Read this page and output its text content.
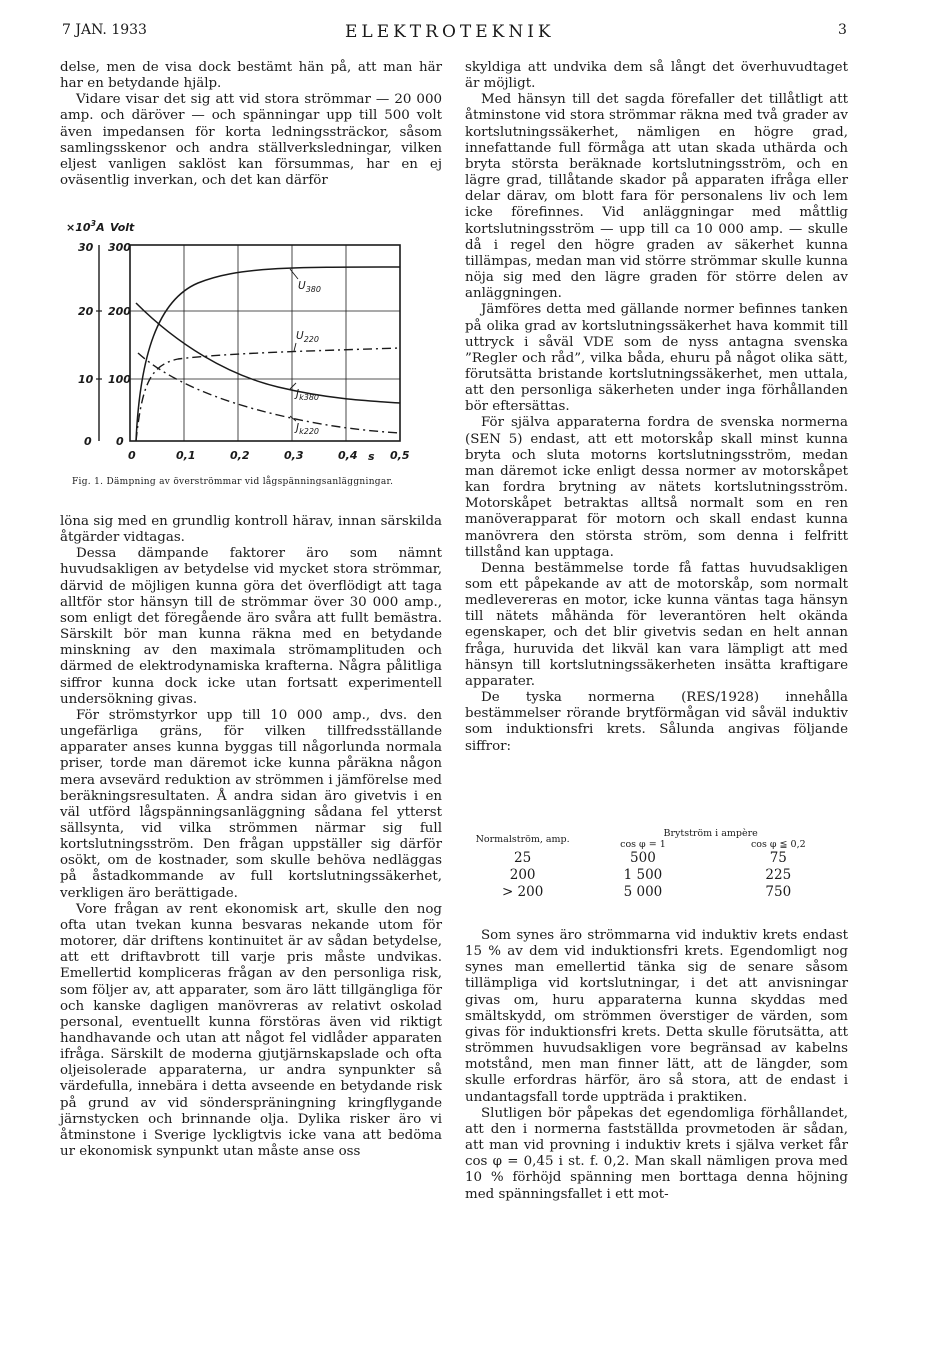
7 JAN. 1933	ELEKTROTEKNIK	3

delse, men de visa dock bestämt hän på, att man här har en betydande hjälp.

Vidare visar det sig att vid stora strömmar — 20 000 amp. och däröver — och spänningar upp till 500 volt även impedansen för korta ledningssträckor, såsom samlingsskenor och andra ställverksledningar, vilken eljest vanligen saklöst kan försummas, har en ej oväsentlig inverkan, och det kan därför

$\times 10^3A$ Volt
30
20
10
0
300
200
100
0
$U_{380}$
$U_{220}$
$J_{k380}$
$J_{k220}$
0	0,1	0,2	0,3	0,4 s 0,5
Fig. 1. Dämpning av överströmmar vid lågspänningsanläggningar.

löna sig med en grundlig kontroll härav, innan särskilda åtgärder vidtagas.

Dessa dämpande faktorer äro som nämnt huvudsakligen av betydelse vid mycket stora strömmar, därvid de möjligen kunna göra det överflödigt att taga alltför stor hänsyn till de strömmar över 30 000 amp., som enligt det föregående äro svåra att fullt bemästra. Särskilt bör man kunna räkna med en betydande minskning av den maximala strömamplituden och därmed de elektrodynamiska krafterna. Några pålitliga siffror kunna dock icke utan fortsatt experimentell undersökning givas.

För strömstyrkor upp till 10 000 amp., dvs. den ungefärliga gräns, för vilken tillfredsställande apparater anses kunna byggas till någorlunda normala priser, torde man däremot icke kunna påräkna någon mera avsevärd reduktion av strömmen i jämförelse med beräkningsresultaten. Å andra sidan äro givetvis i en väl utförd lågspänningsanläggning sådana fel ytterst sällsynta, vid vilka strömmen närmar sig full kortslutningsström. Den frågan uppställer sig därför osökt, om de kostnader, som skulle behöva nedläggas på åstadkommande av full kortslutningssäkerhet, verkligen äro berättigade.

Vore frågan av rent ekonomisk art, skulle den nog ofta utan tvekan kunna besvaras nekande utom för motorer, där driftens kontinuitet är av sådan betydelse, att ett driftavbrott till varje pris måste undvikas. Emellertid kompliceras frågan av den personliga risk, som följer av, att apparater, som äro lätt tillgängliga för och kanske dagligen manövreras av relativt oskolad personal, eventuellt kunna förstöras även vid riktigt handhavande och utan att något fel vidlåder apparaten ifråga. Särskilt de moderna gjutjärnskapslade och ofta oljeisolerade apparaterna, ur andra synpunkter så värdefulla, innebära i detta avseende en betydande risk på grund av vid sönderspräningning kringflygande järnstycken och brinnande olja. Dylika risker äro vi åtminstone i Sverige lyckligtvis icke vana att bedöma ur ekonomisk synpunkt utan måste anse oss

skyldiga att undvika dem så långt det överhuvudtaget är möjligt.

Med hänsyn till det sagda förefaller det tillåtligt att åtminstone vid stora strömmar räkna med två grader av kortslutningssäkerhet, nämligen en högre grad, innefattande full förmåga att utan skada uthärda och bryta största beräknade kortslutningsström, och en lägre grad, tillåtande skador på apparaten ifråga eller delar därav, om blott fara för personalens liv och lem icke förefinnes. Vid anläggningar med måttlig kortslutningsström — upp till ca 10 000 amp. — skulle då i regel den högre graden av säkerhet kunna tillämpas, medan man vid större strömmar skulle kunna nöja sig med den lägre graden för större delen av anläggningen.

Jämföres detta med gällande normer befinnes tanken på olika grad av kortslutningssäkerhet hava kommit till uttryck i såväl VDE som de nyss antagna svenska ”Regler och råd”, vilka båda, ehuru på något olika sätt, förutsätta bristande kortslutningssäkerhet, men uttala, att den personliga säkerheten under inga förhållanden bör eftersättas.

För själva apparaterna fordra de svenska normerna (SEN 5) endast, att ett motorskåp skall minst kunna bryta och sluta motorns kortslutningsström, medan man däremot icke enligt dessa normer av motorskåpet kan fordra brytning av nätets kortslutningsström. Motorskåpet betraktas alltså normalt som en ren manöverapparat för motorn och skall endast kunna manövrera den största ström, som denna i felfritt tillstånd kan upptaga.

Denna bestämmelse torde få fattas huvudsakligen som ett påpekande av att de motorskåp, som normalt medlevereras en motor, icke kunna väntas taga hänsyn till nätets måhända för leverantören helt okända egenskaper, och det blir givetvis sedan en helt annan fråga, huruvida det likväl kan vara lämpligt att med hänsyn till kortslutningssäkerheten insätta kraftigare apparater.

De tyska normerna (RES/1928) innehålla bestämmelser rörande brytförmågan vid såväl induktiv som induktionsfri krets. Sålunda angivas följande siffror:

Normalström, amp.	Brytström i ampère	
	cos φ = 1	cos φ ≦ 0,2
25	500	75
200	1 500	225
> 200	5 000	750

Som synes äro strömmarna vid induktiv krets endast 15 % av dem vid induktionsfri krets. Egendomligt nog synes man emellertid tänka sig de senare såsom tillämpliga vid kortslutningar, i det att anvisningar givas om, huru apparaterna kunna skyddas med smältskydd, om strömmen överstiger de värden, som givas för induktionsfri krets. Detta skulle förutsätta, att strömmen huvudsakligen vore begränsad av kabelns motstånd, men man finner lätt, att de längder, som skulle erfordras härför, äro så stora, att de endast i undantagsfall torde uppträda i praktiken.

Slutligen bör påpekas det egendomliga förhållandet, att den i normerna fastställda provmetoden är sådan, att man vid provning i induktiv krets i själva verket får cos φ = 0,45 i st. f. 0,2. Man skall nämligen prova med 10 % förhöjd spänning men borttaga denna höjning med spänningsfallet i ett mot-
